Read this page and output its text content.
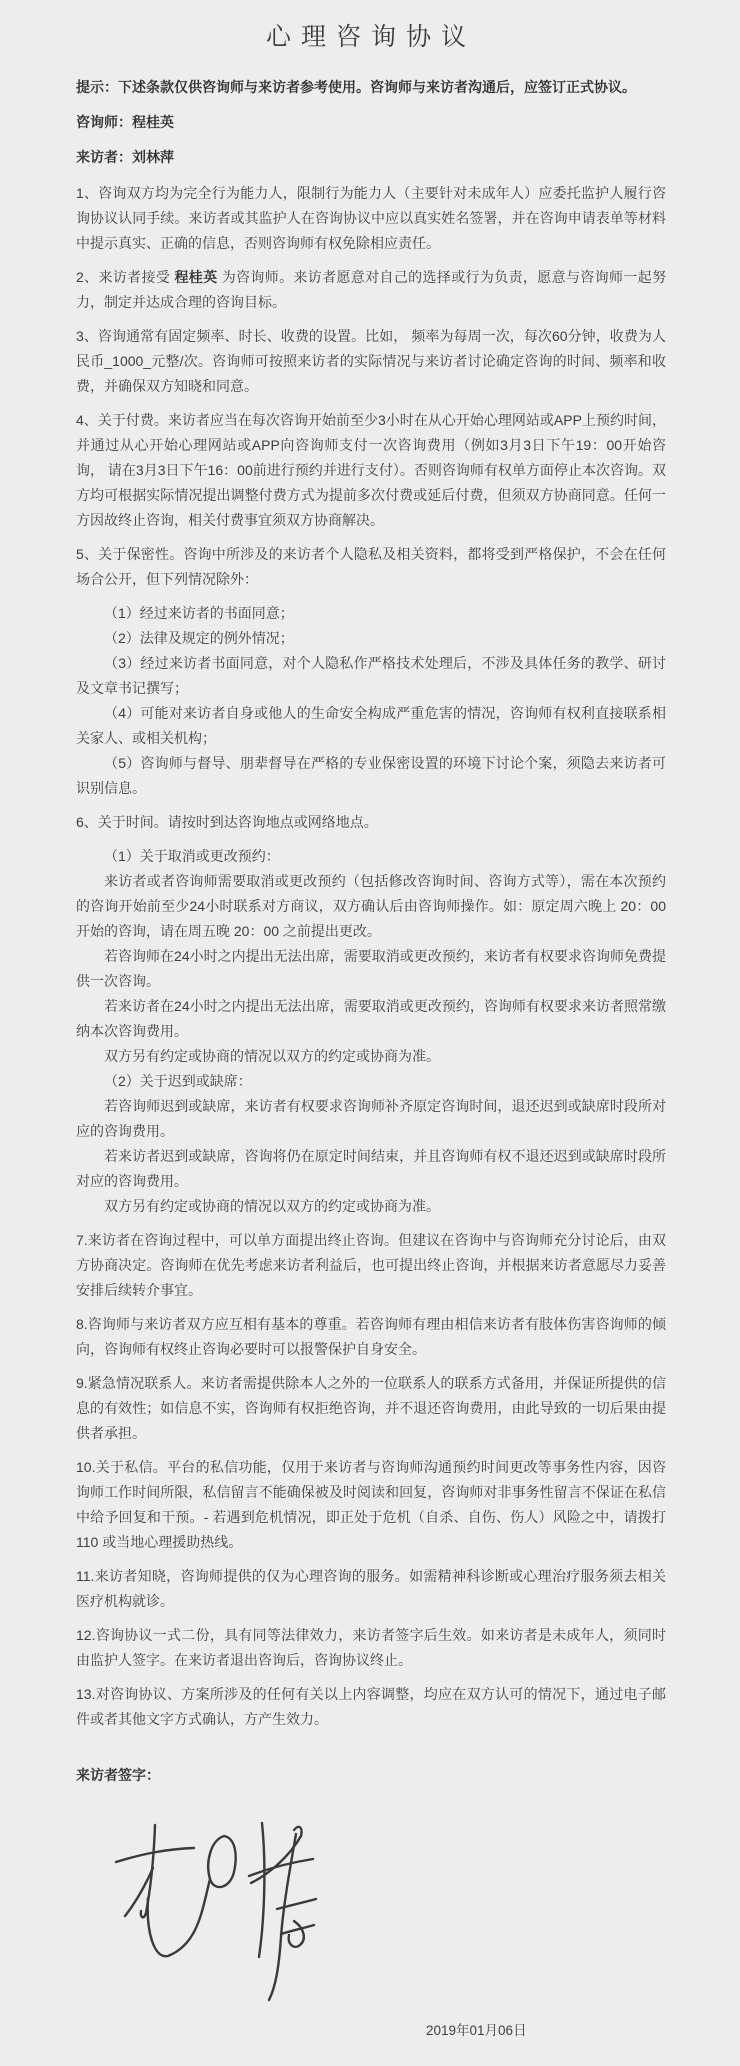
心理咨询协议

提示：下述条款仅供咨询师与来访者参考使用。咨询师与来访者沟通后，应签订正式协议。

咨询师：程桂英

来访者：刘林萍

1、咨询双方均为完全行为能力人，限制行为能力人（主要针对未成年人）应委托监护人履行咨询协议认同手续。来访者或其监护人在咨询协议中应以真实姓名签署，并在咨询申请表单等材料中提示真实、正确的信息，否则咨询师有权免除相应责任。

2、来访者接受 程桂英 为咨询师。来访者愿意对自己的选择或行为负责，愿意与咨询师一起努力，制定并达成合理的咨询目标。

3、咨询通常有固定频率、时长、收费的设置。比如， 频率为每周一次，每次60分钟，收费为人民币_1000_元整/次。咨询师可按照来访者的实际情况与来访者讨论确定咨询的时间、频率和收费，并确保双方知晓和同意。

4、关于付费。来访者应当在每次咨询开始前至少3小时在从心开始心理网站或APP上预约时间，并通过从心开始心理网站或APP向咨询师支付一次咨询费用（例如3月3日下午19：00开始咨询， 请在3月3日下午16：00前进行预约并进行支付）。否则咨询师有权单方面停止本次咨询。双方均可根据实际情况提出调整付费方式为提前多次付费或延后付费，但须双方协商同意。任何一方因故终止咨询，相关付费事宜须双方协商解决。

5、关于保密性。咨询中所涉及的来访者个人隐私及相关资料，都将受到严格保护，不会在任何场合公开，但下列情况除外：

（1）经过来访者的书面同意；

（2）法律及规定的例外情况；

（3）经过来访者书面同意，对个人隐私作严格技术处理后，不涉及具体任务的教学、研讨及文章书记撰写；

（4）可能对来访者自身或他人的生命安全构成严重危害的情况，咨询师有权利直接联系相关家人、或相关机构；

（5）咨询师与督导、朋辈督导在严格的专业保密设置的环境下讨论个案，须隐去来访者可识别信息。

6、关于时间。请按时到达咨询地点或网络地点。

（1）关于取消或更改预约：

来访者或者咨询师需要取消或更改预约（包括修改咨询时间、咨询方式等），需在本次预约的咨询开始前至少24小时联系对方商议，双方确认后由咨询师操作。如：原定周六晚上 20：00 开始的咨询，请在周五晚 20：00 之前提出更改。

若咨询师在24小时之内提出无法出席，需要取消或更改预约，来访者有权要求咨询师免费提供一次咨询。

若来访者在24小时之内提出无法出席，需要取消或更改预约，咨询师有权要求来访者照常缴纳本次咨询费用。

双方另有约定或协商的情况以双方的约定或协商为准。

（2）关于迟到或缺席：

若咨询师迟到或缺席，来访者有权要求咨询师补齐原定咨询时间，退还迟到或缺席时段所对应的咨询费用。

若来访者迟到或缺席，咨询将仍在原定时间结束，并且咨询师有权不退还迟到或缺席时段所对应的咨询费用。

双方另有约定或协商的情况以双方的约定或协商为准。

7.来访者在咨询过程中，可以单方面提出终止咨询。但建议在咨询中与咨询师充分讨论后，由双方协商决定。咨询师在优先考虑来访者利益后，也可提出终止咨询，并根据来访者意愿尽力妥善安排后续转介事宜。

8.咨询师与来访者双方应互相有基本的尊重。若咨询师有理由相信来访者有肢体伤害咨询师的倾向，咨询师有权终止咨询必要时可以报警保护自身安全。

9.紧急情况联系人。来访者需提供除本人之外的一位联系人的联系方式备用，并保证所提供的信息的有效性；如信息不实，咨询师有权拒绝咨询，并不退还咨询费用，由此导致的一切后果由提供者承担。

10.关于私信。平台的私信功能，仅用于来访者与咨询师沟通预约时间更改等事务性内容，因咨询师工作时间所限，私信留言不能确保被及时阅读和回复，咨询师对非事务性留言不保证在私信中给予回复和干预。- 若遇到危机情况，即正处于危机（自杀、自伤、伤人）风险之中，请拨打 110 或当地心理援助热线。

11.来访者知晓，咨询师提供的仅为心理咨询的服务。如需精神科诊断或心理治疗服务须去相关医疗机构就诊。

12.咨询协议一式二份，具有同等法律效力，来访者签字后生效。如来访者是未成年人，须同时由监护人签字。在来访者退出咨询后，咨询协议终止。

13.对咨询协议、方案所涉及的任何有关以上内容调整，均应在双方认可的情况下，通过电子邮件或者其他文字方式确认，方产生效力。

来访者签字：

2019年01月06日
